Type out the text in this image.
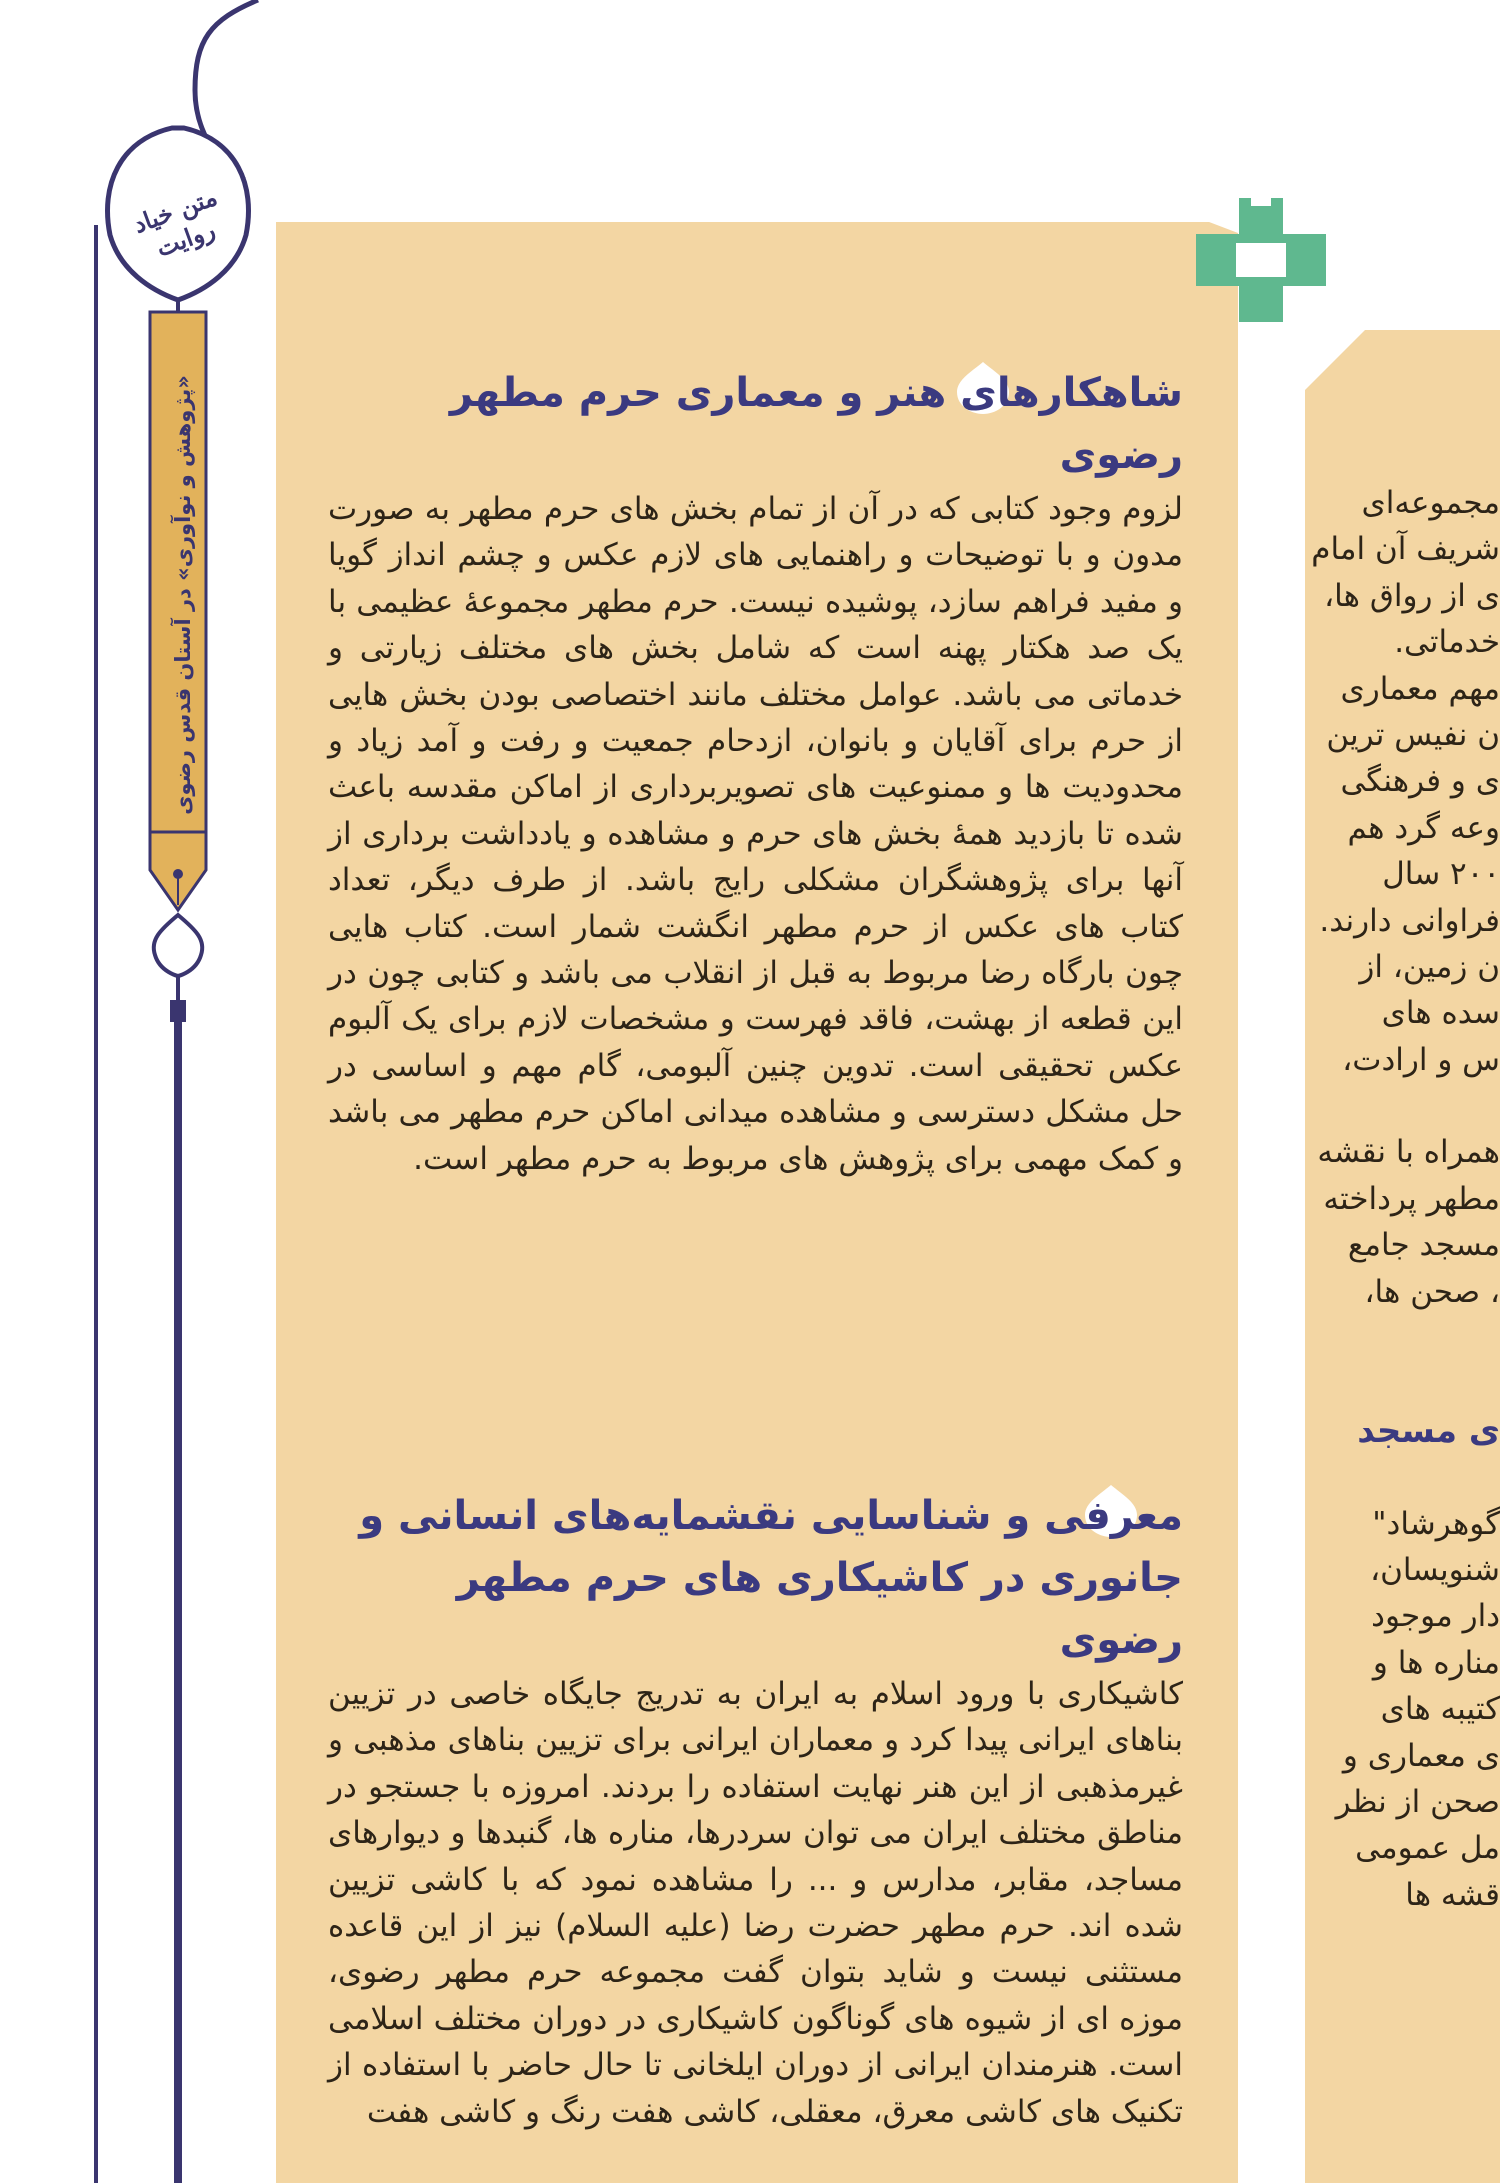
متن خیاد روایت
«پژوهش و نوآوری» در آستان قدس رضوی	شاهکارهای هنر و معماری حرم مطهر رضوی

لزوم وجود کتابی که در آن از تمام بخش های حرم مطهر به صورت مدون و با توضیحات و راهنمایی های لازم عکس و چشم انداز گویا و مفید فراهم سازد، پوشیده نیست. حرم مطهر مجموعهٔ عظیمی با یک صد هکتار پهنه است که شامل بخش های مختلف زیارتی و خدماتی می باشد. عوامل مختلف مانند اختصاصی بودن بخش هایی از حرم برای آقایان و بانوان، ازدحام جمعیت و رفت و آمد زیاد و محدودیت ها و ممنوعیت های تصویربرداری از اماکن مقدسه باعث شده تا بازدید همهٔ بخش های حرم و مشاهده و یادداشت برداری از آنها برای پژوهشگران مشکلی رایج باشد. از طرف دیگر، تعداد کتاب های عکس از حرم مطهر انگشت شمار است. کتاب هایی چون بارگاه رضا مربوط به قبل از انقلاب می باشد و کتابی چون در این قطعه از بهشت، فاقد فهرست و مشخصات لازم برای یک آلبوم عکس تحقیقی است. تدوین چنین آلبومی، گام مهم و اساسی در حل مشکل دسترسی و مشاهده میدانی اماکن حرم مطهر می باشد و کمک مهمی برای پژوهش های مربوط به حرم مطهر است.

معرفی و شناسایی نقشمایه‌های انسانی و جانوری در کاشیکاری های حرم مطهر رضوی

کاشیکاری با ورود اسلام به ایران به تدریج جایگاه خاصی در تزیین بناهای ایرانی پیدا کرد و معماران ایرانی برای تزیین بناهای مذهبی و غیرمذهبی از این هنر نهایت استفاده را بردند. امروزه با جستجو در مناطق مختلف ایران می توان سردرها، مناره ها، گنبدها و دیوارهای مساجد، مقابر، مدارس و ... را مشاهده نمود که با کاشی تزیین شده اند. حرم مطهر حضرت رضا (علیه السلام) نیز از این قاعده مستثنی نیست و شاید بتوان گفت مجموعه حرم مطهر رضوی، موزه ای از شیوه های گوناگون کاشیکاری در دوران مختلف اسلامی است. هنرمندان ایرانی از دوران ایلخانی تا حال حاضر با استفاده از تکنیک های کاشی معرق، معقلی، کاشی هفت رنگ و کاشی هفت

مجموعه‌ای
شریف آن امام
ی از رواق ها،
خدماتی.
مهم معماری
ن نفیس ترین
ی و فرهنگی
وعه گرد هم
۲۰۰ سال
فراوانی دارند.
ن زمین، از
سده های
س و ارادت،
همراه با نقشه
مطهر پرداخته
مسجد جامع
، صحن ها،
ی مسجد
گوهرشاد"
شنویسان،
دار موجود
مناره ها و
کتیبه های
ی معماری و
صحن از نظر
مل عمومی
قشه ها
